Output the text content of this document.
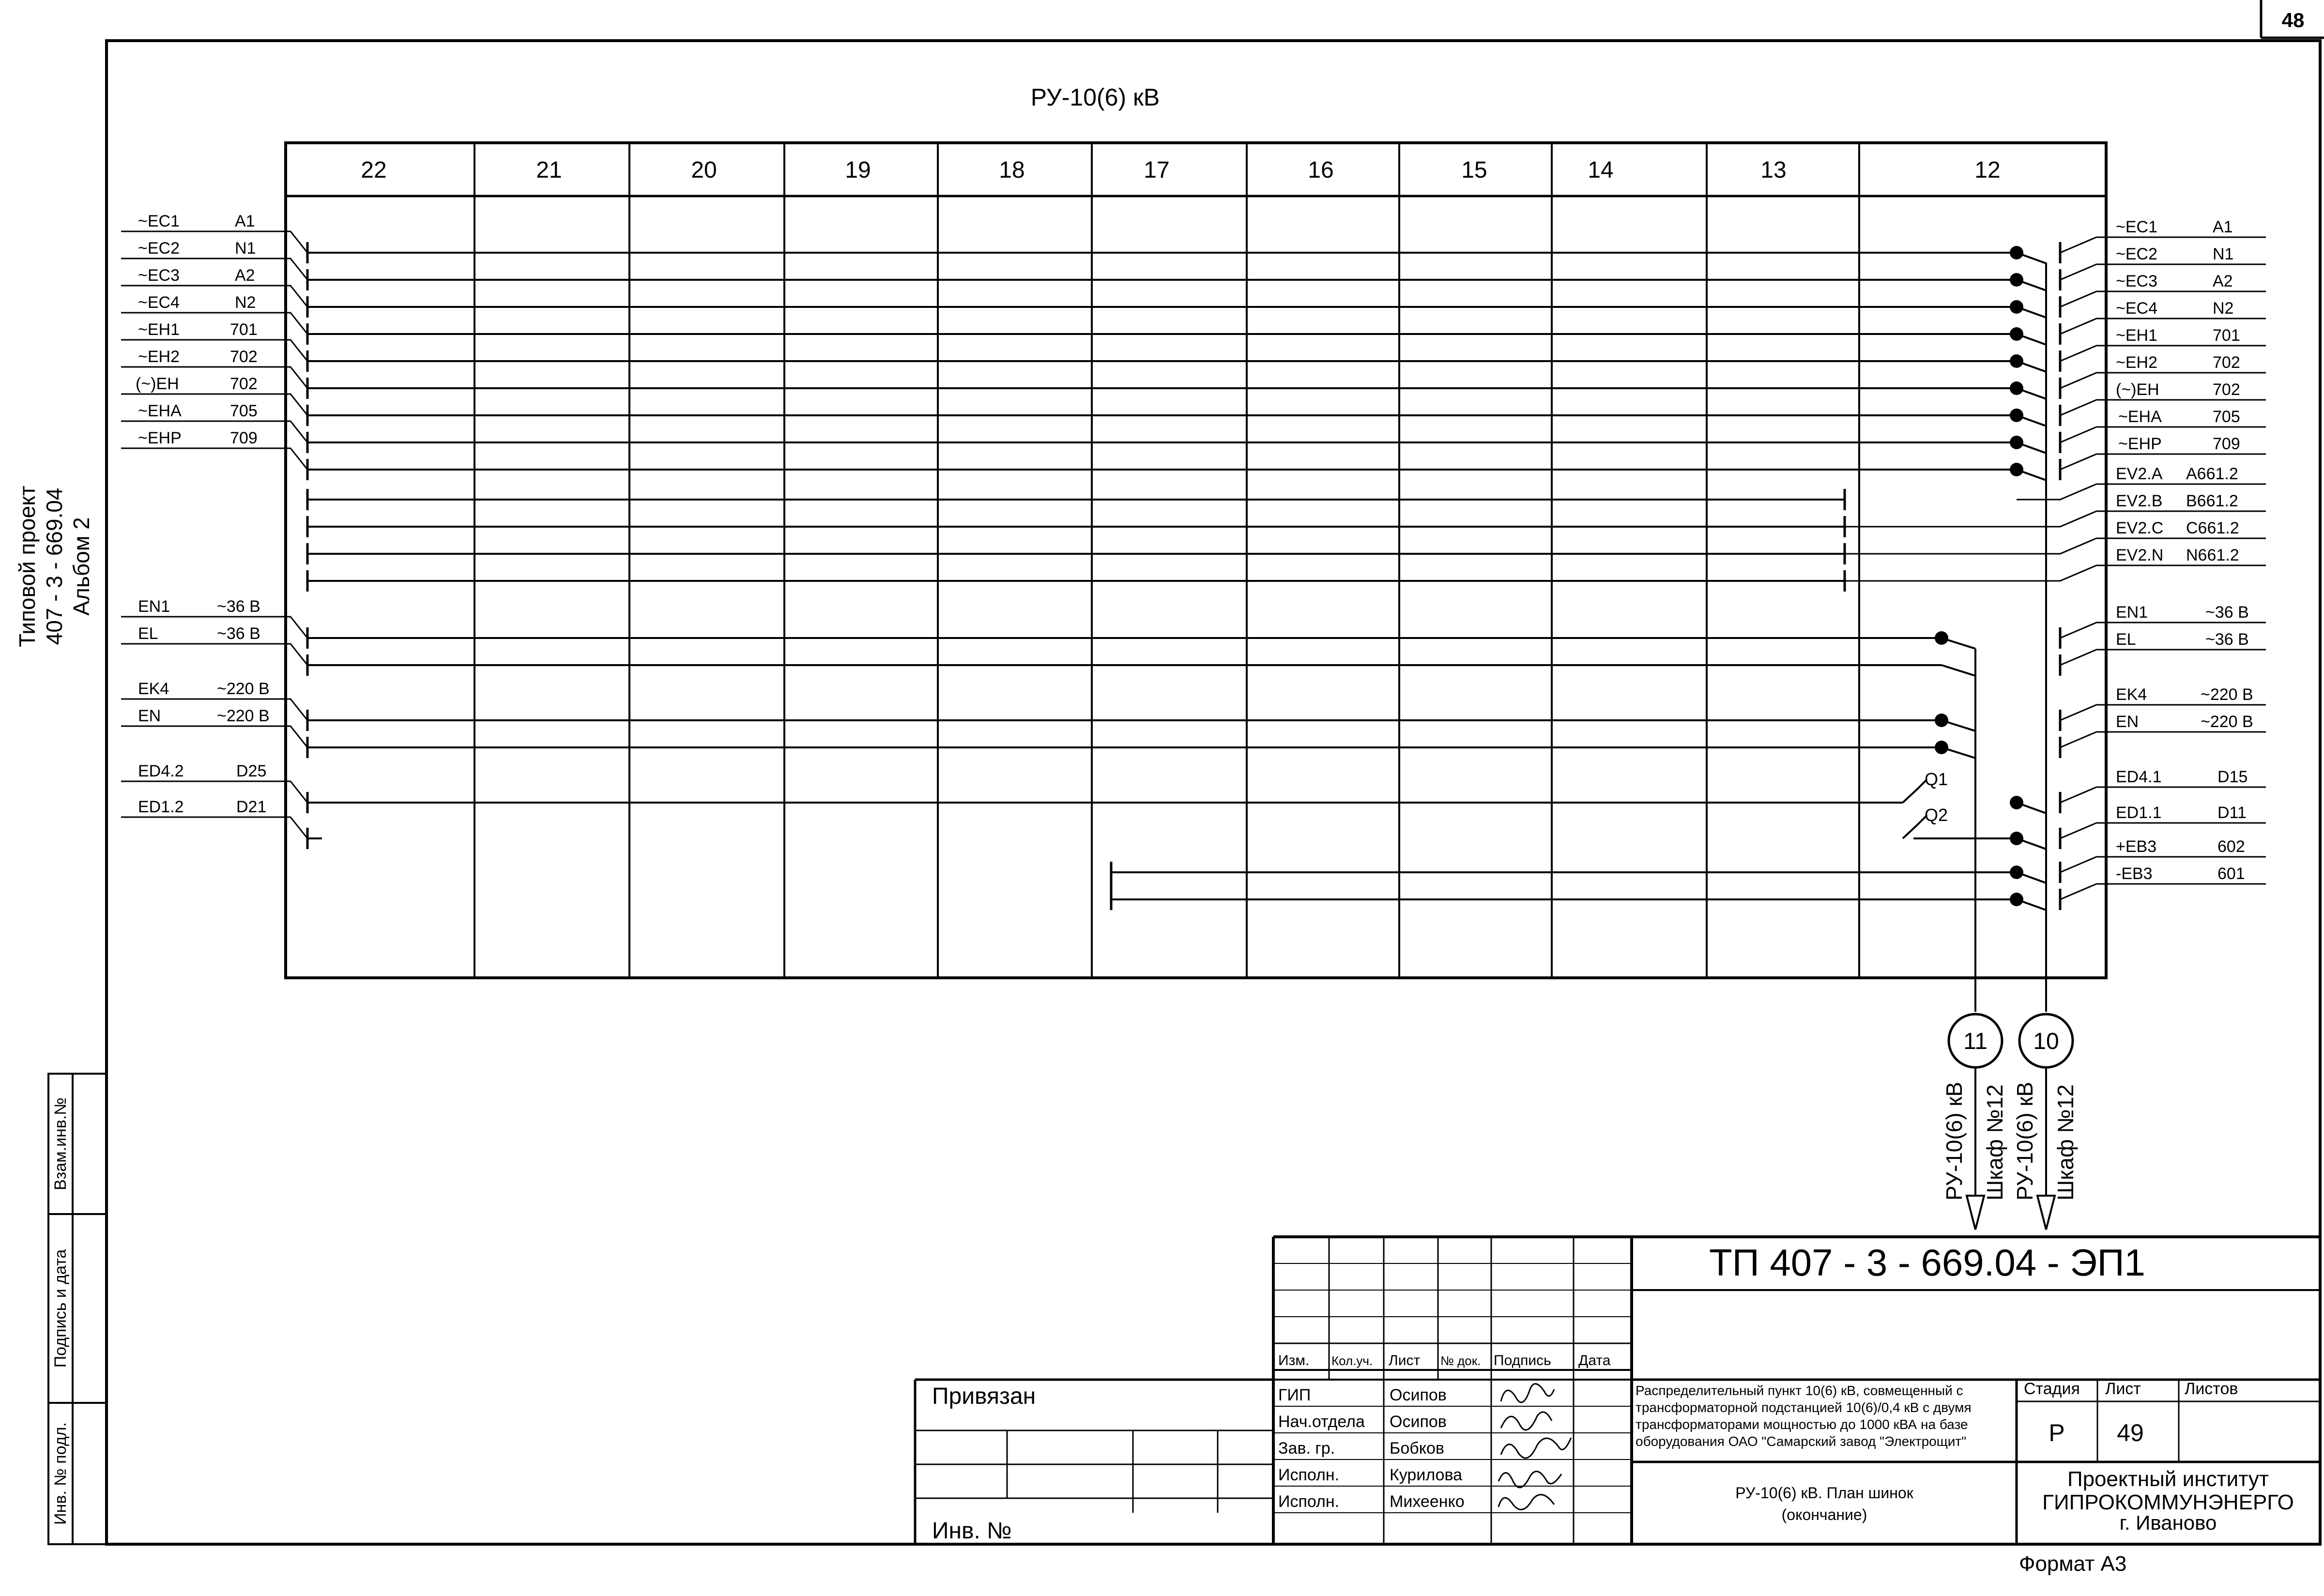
48
Типовой проект 407 - 3 - 669.04 Альбом 2
Взам.инв.№
Подпись и дата
Инв. № подл.
РУ-10(6) кВ
22	21	20	19	18	17	16	15	14	13	12
~EC1	A1
~EC2	N1
~EC3	A2
~EC4	N2
~EH1	701
~EH2	702
(~)EH	702
~EHA	705
~EHP	709
EN1	~36 В
EL	~36 В
EK4	~220 В
EN	~220 В
ED4.2	D25
ED1.2	D21
~EC1	A1
~EC2	N1
~EC3	A2
~EC4	N2
~EH1	701
~EH2	702
(~)EH	702
~EHA	705
~EHP	709
EV2.A A661.2
EV2.B B661.2
EV2.C C661.2
EV2.N N661.2
EN1	~36 В
EL	~36 В
EK4	~220 В
EN	~220 В
ED4.1	D15
ED1.1	D11
+EB3	602
-EB3	601
Q1
Q2
11
РУ-10(6) кВ Шкаф №12
10
РУ-10(6) кВ Шкаф №12
ТП 407 - 3 - 669.04 - ЭП1
Привязан
Инв. №
Изм. Кол.уч. Лист № док. Подпись Дата
ГИП	Осипов
Нач.отдела Осипов
Зав. гр.	Бобков
Исполн.	Курилова
Исполн.	Михеенко
Распределительный пункт 10(6) кВ, совмещенный с
трансформаторной подстанцией 10(6)/0,4 кВ с двумя
трансформаторами мощностью до 1000 кВА на базе
оборудования ОАО "Самарский завод "Электрощит"
РУ-10(6) кВ. План шинок
(окончание)
Стадия Лист	Листов
Р 49
Проектный институт
ГИПРОКОММУНЭНЕРГО
г. Иваново
Формат А3
